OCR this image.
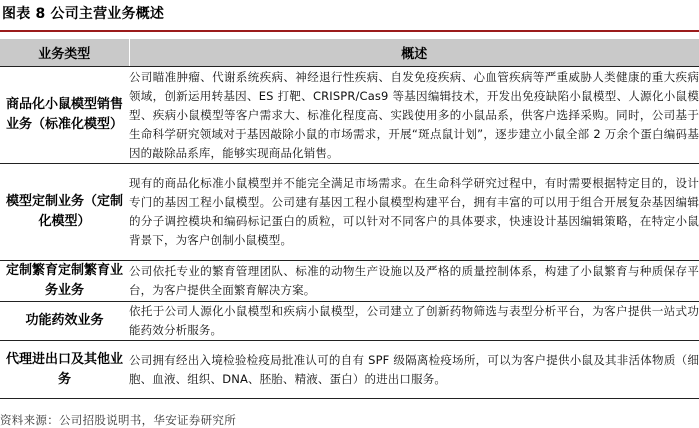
图表 8 公司主营业务概述
业务类型	概述
商品化小鼠模型销售业务（标准化模型）	公司瞄准肿瘤、代谢系统疾病、神经退行性疾病、自发免疫疾病、心血管疾病等严重威胁人类健康的重大疾病领域，创新运用转基因、ES 打靶、CRISPR/Cas9 等基因编辑技术，开发出免疫缺陷小鼠模型、人源化小鼠模型、疾病小鼠模型等客户需求大、标准化程度高、实践使用多的小鼠品系，供客户选择采购。同时，公司基于生命科学研究领域对于基因敲除小鼠的市场需求，开展“斑点鼠计划”，逐步建立小鼠全部 2 万余个蛋白编码基因的敲除品系库，能够实现商品化销售。
模型定制业务（定制化模型）	现有的商品化标准小鼠模型并不能完全满足市场需求。在生命科学研究过程中，有时需要根据特定目的，设计专门的基因工程小鼠模型。公司建有基因工程小鼠模型构建平台，拥有丰富的可以用于组合开展复杂基因编辑的分子调控模块和编码标记蛋白的质粒，可以针对不同客户的具体要求，快速设计基因编辑策略，在特定小鼠背景下，为客户创制小鼠模型。
定制繁育定制繁育业务业务	公司依托专业的繁育管理团队、标准的动物生产设施以及严格的质量控制体系，构建了小鼠繁育与种质保存平台，为客户提供全面繁育解决方案。
功能药效业务	依托于公司人源化小鼠模型和疾病小鼠模型，公司建立了创新药物筛选与表型分析平台，为客户提供一站式功能药效分析服务。
代理进出口及其他业务	公司拥有经出入境检验检疫局批准认可的自有 SPF 级隔离检疫场所，可以为客户提供小鼠及其非活体物质（细胞、血液、组织、DNA、胚胎、精液、蛋白）的进出口服务。
资料来源：公司招股说明书，华安证券研究所
